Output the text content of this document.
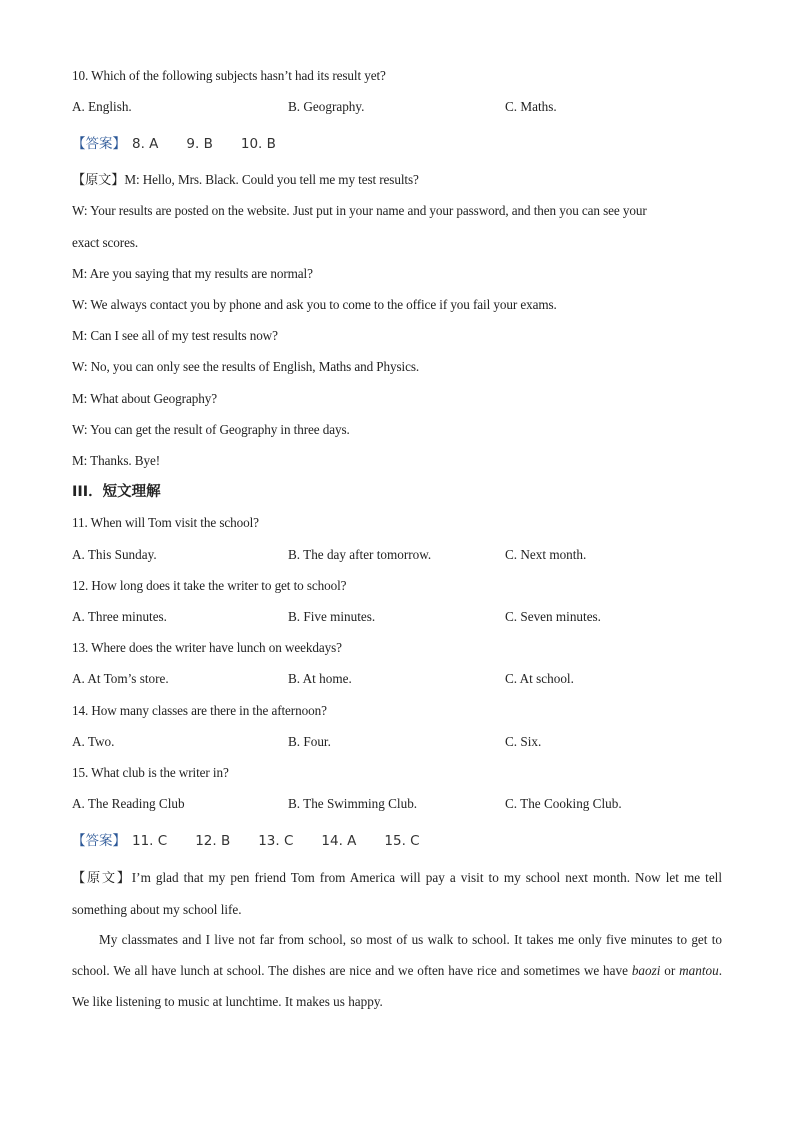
10. Which of the following subjects hasn’t had its result yet?
A. English.	B. Geography.	C. Maths.
【答案】 8. A 9. B 10. B
【原文】M: Hello, Mrs. Black. Could you tell me my test results?
W: Your results are posted on the website. Just put in your name and your password, and then you can see your
exact scores.
M: Are you saying that my results are normal?
W: We always contact you by phone and ask you to come to the office if you fail your exams.
M: Can I see all of my test results now?
W: No, you can only see the results of English, Maths and Physics.
M: What about Geography?
W: You can get the result of Geography in three days.
M: Thanks. Bye!
III．短文理解
11. When will Tom visit the school?
A. This Sunday.	B. The day after tomorrow.	C. Next month.
12. How long does it take the writer to get to school?
A. Three minutes.	B. Five minutes.	C. Seven minutes.
13. Where does the writer have lunch on weekdays?
A. At Tom’s store.	B. At home.	C. At school.
14. How many classes are there in the afternoon?
A. Two.	B. Four.	C. Six.
15. What club is the writer in?
A. The Reading Club	B. The Swimming Club.	C. The Cooking Club.
【答案】 11. C 12. B 13. C 14. A 15. C
【原文】I’m glad that my pen friend Tom from America will pay a visit to my school next month. Now let me tell something about my school life.
My classmates and I live not far from school, so most of us walk to school. It takes me only five minutes to get to school. We all have lunch at school. The dishes are nice and we often have rice and sometimes we have baozi or mantou. We like listening to music at lunchtime. It makes us happy.
